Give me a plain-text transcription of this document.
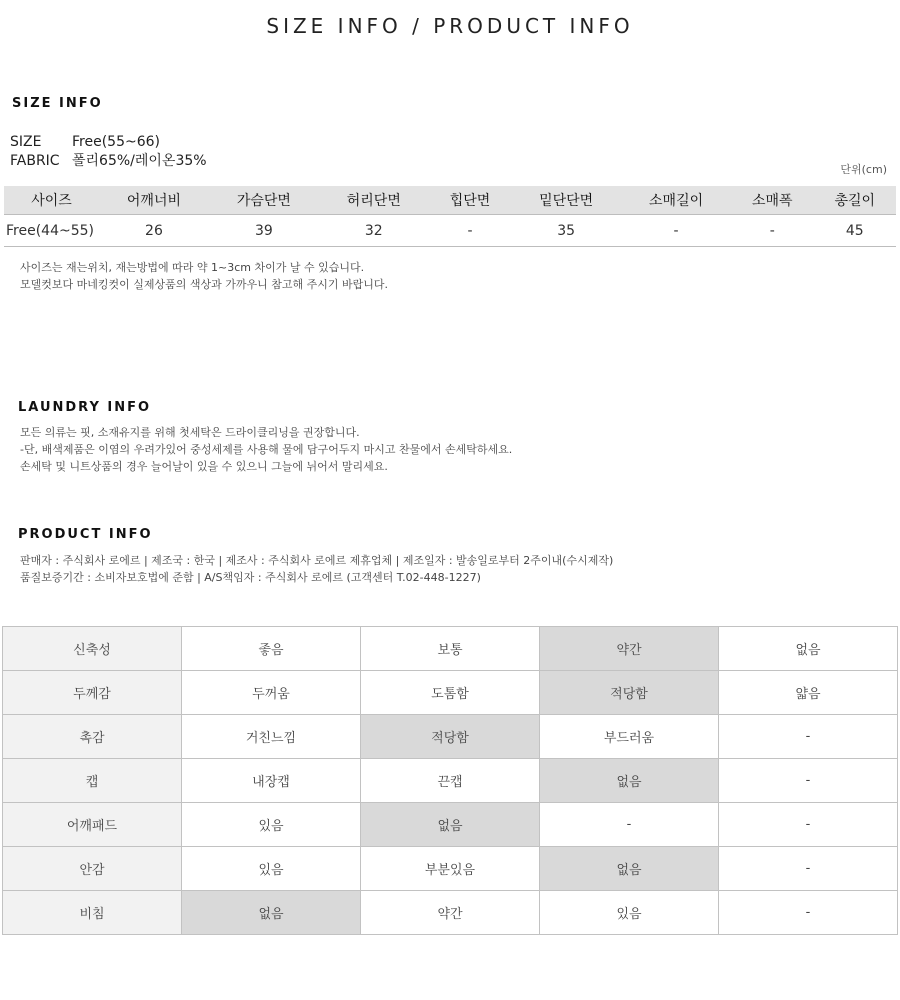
SIZE INFO / PRODUCT INFO
SIZE INFO
SIZE Free(55~66)
FABRIC 폴리65%/레이온35%
단위(cm)
사이즈	어깨너비	가슴단면	허리단면	힙단면	밑단단면	소매길이	소매폭	총길이
Free(44~55)	26	39	32	-	35	-	-	45
사이즈는 재는위치, 재는방법에 따라 약 1~3cm 차이가 날 수 있습니다.
모델컷보다 마네킹컷이 실제상품의 색상과 가까우니 참고해 주시기 바랍니다.
LAUNDRY INFO
모든 의류는 핏, 소재유지를 위해 첫세탁은 드라이클리닝을 권장합니다.
-단, 배색제품은 이염의 우려가있어 중성세제를 사용해 물에 담구어두지 마시고 찬물에서 손세탁하세요.
손세탁 및 니트상품의 경우 늘어날이 있을 수 있으니 그늘에 뉘어서 말리세요.
PRODUCT INFO
판매자 : 주식회사 로에르 | 제조국 : 한국 | 제조사 : 주식회사 로에르 제휴업체 | 제조일자 : 발송일로부터 2주이내(수시제작)
품질보증기간 : 소비자보호법에 준함 | A/S책임자 : 주식회사 로에르 (고객센터 T.02-448-1227)
신축성	좋음	보통	약간	없음
두께감	두꺼움	도톰함	적당함	얇음
촉감	거친느낌	적당함	부드러움	-
캡	내장캡	끈캡	없음	-
어깨패드	있음	없음	-	-
안감	있음	부분있음	없음	-
비침	없음	약간	있음	-
